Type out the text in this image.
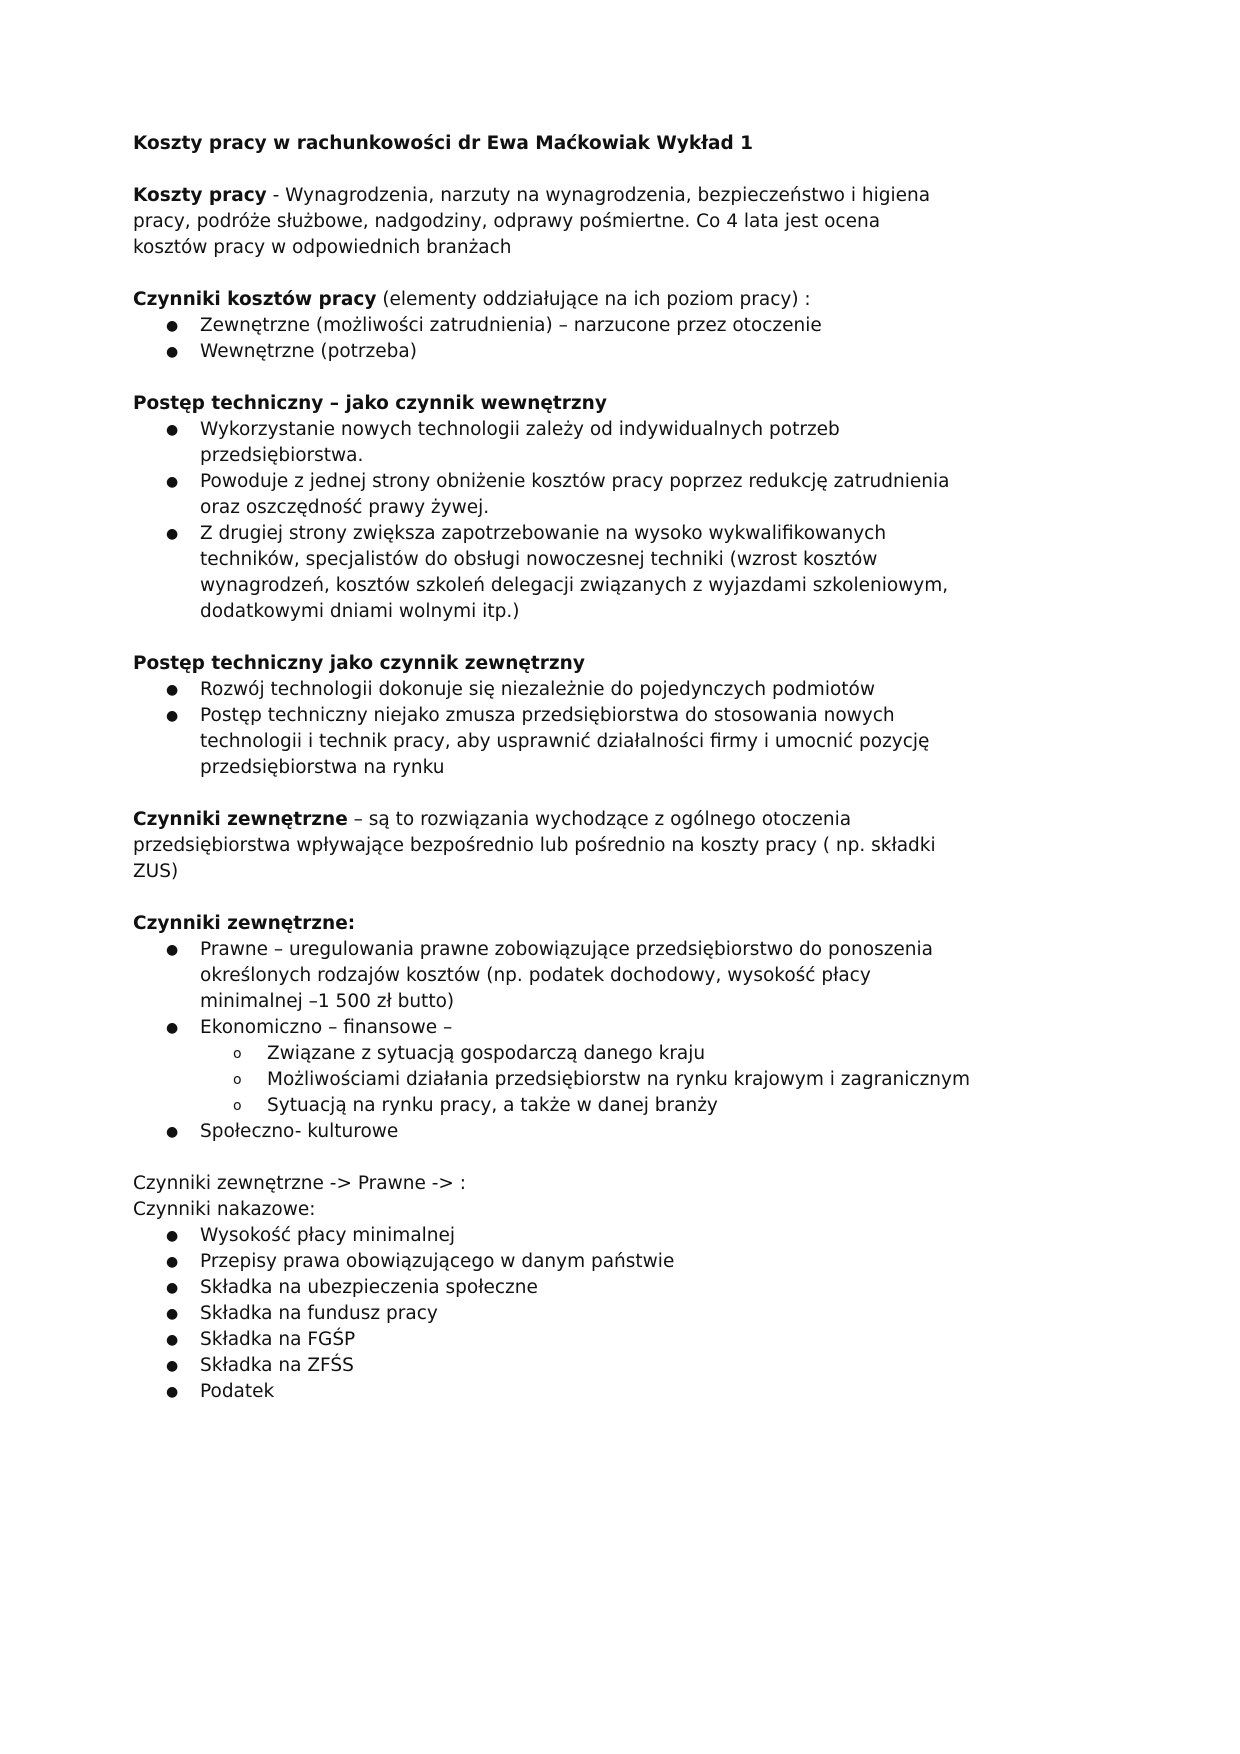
Koszty pracy w rachunkowości dr Ewa Maćkowiak Wykład 1
Koszty pracy - Wynagrodzenia, narzuty na wynagrodzenia, bezpieczeństwo i higiena
pracy, podróże służbowe, nadgodziny, odprawy pośmiertne. Co 4 lata jest ocena
kosztów pracy w odpowiednich branżach
Czynniki kosztów pracy (elementy oddziałujące na ich poziom pracy) :
● Zewnętrzne (możliwości zatrudnienia) – narzucone przez otoczenie
● Wewnętrzne (potrzeba)
Postęp techniczny – jako czynnik wewnętrzny
● Wykorzystanie nowych technologii zależy od indywidualnych potrzeb
przedsiębiorstwa.
● Powoduje z jednej strony obniżenie kosztów pracy poprzez redukcję zatrudnienia
oraz oszczędność prawy żywej.
● Z drugiej strony zwiększa zapotrzebowanie na wysoko wykwalifikowanych
techników, specjalistów do obsługi nowoczesnej techniki (wzrost kosztów
wynagrodzeń, kosztów szkoleń delegacji związanych z wyjazdami szkoleniowym,
dodatkowymi dniami wolnymi itp.)
Postęp techniczny jako czynnik zewnętrzny
● Rozwój technologii dokonuje się niezależnie do pojedynczych podmiotów
● Postęp techniczny niejako zmusza przedsiębiorstwa do stosowania nowych
technologii i technik pracy, aby usprawnić działalności firmy i umocnić pozycję
przedsiębiorstwa na rynku
Czynniki zewnętrzne – są to rozwiązania wychodzące z ogólnego otoczenia
przedsiębiorstwa wpływające bezpośrednio lub pośrednio na koszty pracy ( np. składki
ZUS)
Czynniki zewnętrzne:
● Prawne – uregulowania prawne zobowiązujące przedsiębiorstwo do ponoszenia
określonych rodzajów kosztów (np. podatek dochodowy, wysokość płacy
minimalnej –1 500 zł butto)
● Ekonomiczno – finansowe –
o Związane z sytuacją gospodarczą danego kraju
o Możliwościami działania przedsiębiorstw na rynku krajowym i zagranicznym
o Sytuacją na rynku pracy, a także w danej branży
● Społeczno- kulturowe
Czynniki zewnętrzne -> Prawne -> :
Czynniki nakazowe:
● Wysokość płacy minimalnej
● Przepisy prawa obowiązującego w danym państwie
● Składka na ubezpieczenia społeczne
● Składka na fundusz pracy
● Składka na FGŚP
● Składka na ZFŚS
● Podatek
